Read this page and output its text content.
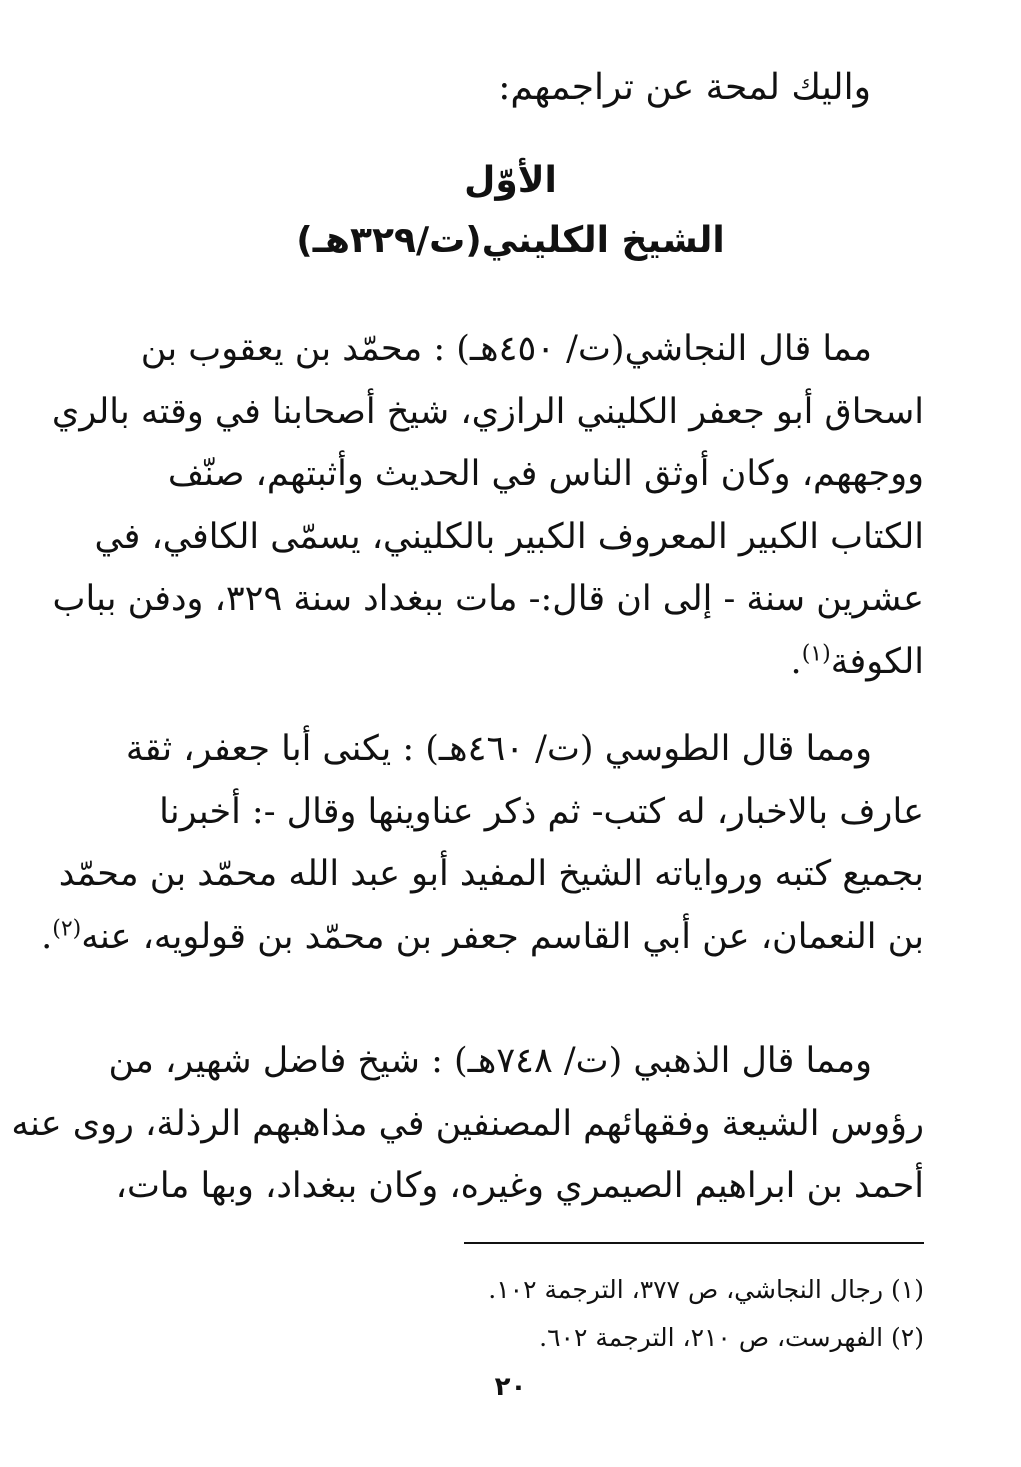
واليك لمحة عن تراجمهم:
الأوّل
الشيخ الكليني(ت/٣٢٩هـ)
مما قال النجاشي(ت/ ٤٥٠هـ) : محمّد بن يعقوب بن
اسحاق أبو جعفر الكليني الرازي، شيخ أصحابنا في وقته بالري
ووجههم، وكان أوثق الناس في الحديث وأثبتهم، صنّف
الكتاب الكبير المعروف الكبير بالكليني، يسمّى الكافي، في
عشرين سنة - إلى ان قال:- مات ببغداد سنة ٣٢٩، ودفن بباب
الكوفة$^{(١)}$.
ومما قال الطوسي (ت/ ٤٦٠هـ) : يكنى أبا جعفر، ثقة
عارف بالاخبار، له كتب- ثم ذكر عناوينها وقال -: أخبرنا
بجميع كتبه ورواياته الشيخ المفيد أبو عبد الله محمّد بن محمّد
بن النعمان، عن أبي القاسم جعفر بن محمّد بن قولويه، عنه$^{(٢)}$.
ومما قال الذهبي (ت/ ٧٤٨هـ) : شيخ فاضل شهير، من
رؤوس الشيعة وفقهائهم المصنفين في مذاهبهم الرذلة، روى عنه
أحمد بن ابراهيم الصيمري وغيره، وكان ببغداد، وبها مات،
(١) رجال النجاشي، ص ٣٧٧، الترجمة ١٠٢.
(٢) الفهرست، ص ٢١٠، الترجمة ٦٠٢.
٢٠
